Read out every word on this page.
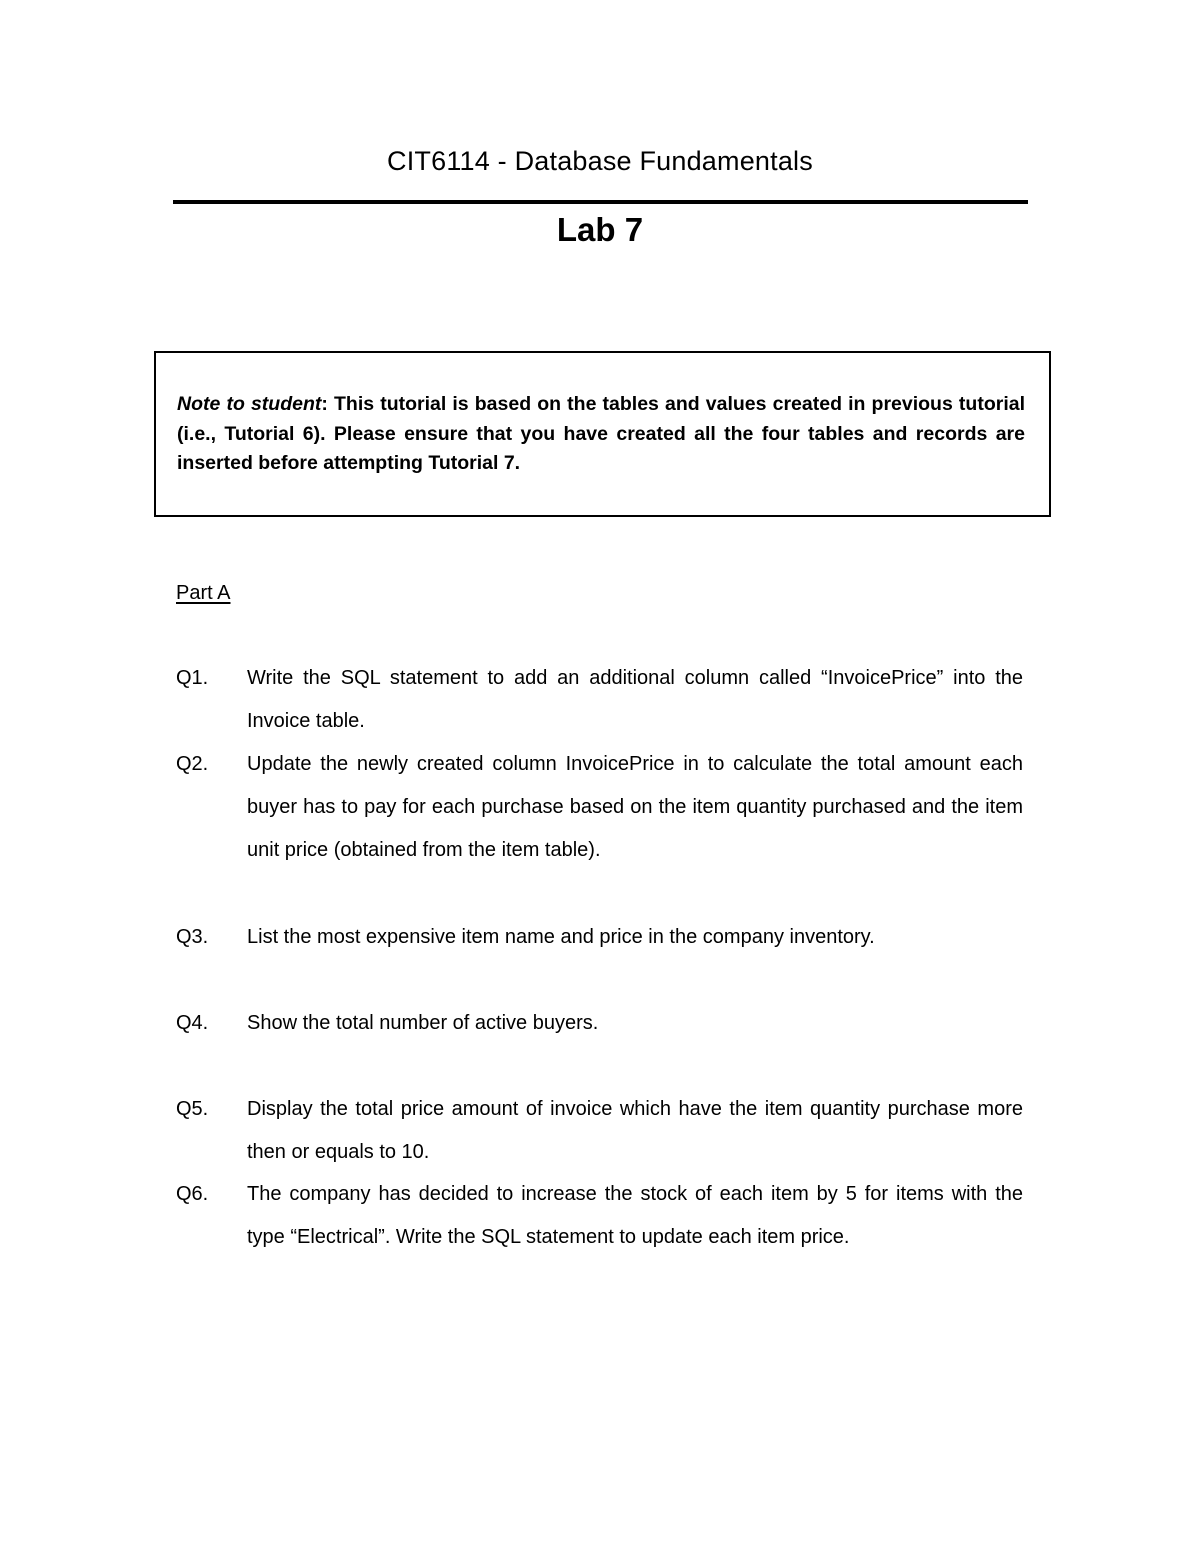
CIT6114 - Database Fundamentals
Lab 7
Note to student: This tutorial is based on the tables and values created in previous tutorial (i.e., Tutorial 6). Please ensure that you have created all the four tables and records are inserted before attempting Tutorial 7.
Part A
Q1.	Write the SQL statement to add an additional column called “InvoicePrice” into the Invoice table.
Q2.	Update the newly created column InvoicePrice in to calculate the total amount each buyer has to pay for each purchase based on the item quantity purchased and the item unit price (obtained from the item table).
Q3.	List the most expensive item name and price in the company inventory.
Q4.	Show the total number of active buyers.
Q5.	Display the total price amount of invoice which have the item quantity purchase more then or equals to 10.
Q6.	The company has decided to increase the stock of each item by 5 for items with the type “Electrical”. Write the SQL statement to update each item price.
